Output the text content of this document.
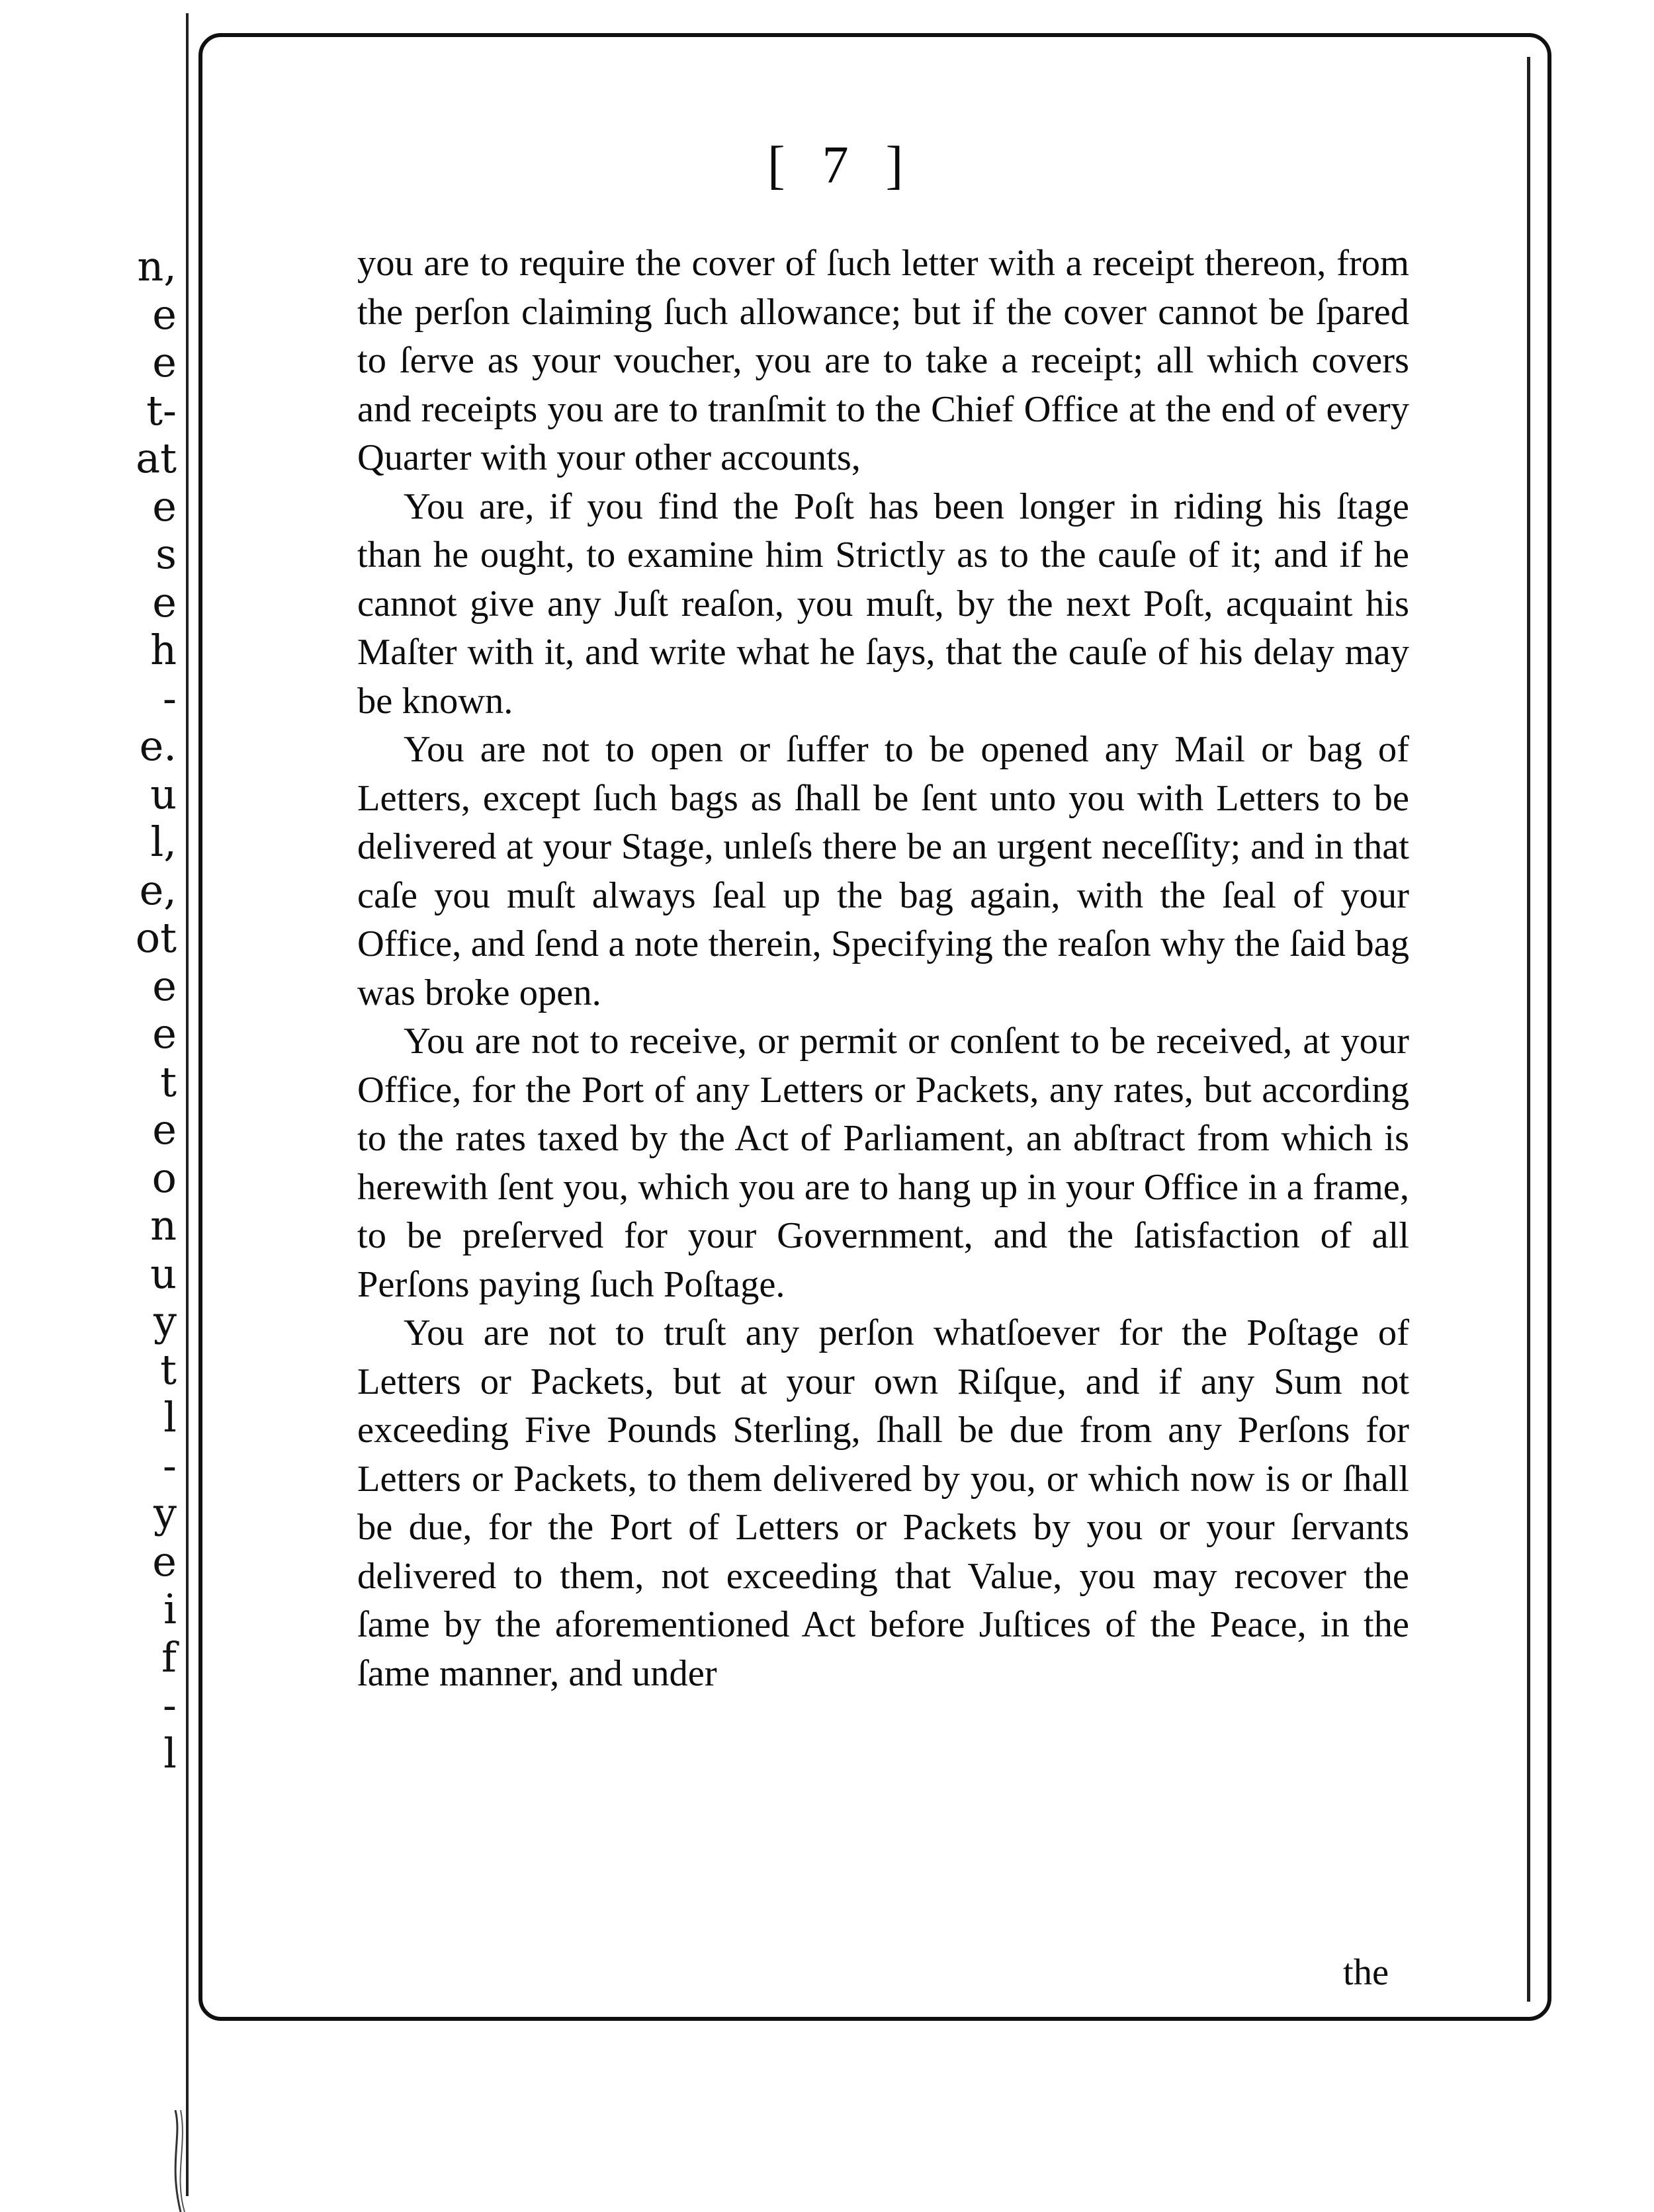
n,
e
e
t-
at
e
s
e
h
-
e.
u
l,
e,
ot
e
e
t
e
o
n
u
y
t
l
-
y
e
i
f
-
l
[ 7 ]

you are to require the cover of ſuch letter with a receipt thereon, from the perſon claiming ſuch allowance; but if the cover cannot be ſpared to ſerve as your voucher, you are to take a receipt; all which covers and receipts you are to tranſmit to the Chief Office at the end of every Quarter with your other accounts,

You are, if you find the Poſt has been longer in riding his ſtage than he ought, to examine him Strictly as to the cauſe of it; and if he cannot give any Juſt reaſon, you muſt, by the next Poſt, acquaint his Maſter with it, and write what he ſays, that the cauſe of his delay may be known.

You are not to open or ſuffer to be opened any Mail or bag of Letters, except ſuch bags as ſhall be ſent unto you with Letters to be delivered at your Stage, unleſs there be an urgent neceſſity; and in that caſe you muſt always ſeal up the bag again, with the ſeal of your Office, and ſend a note therein, Specifying the reaſon why the ſaid bag was broke open.

You are not to receive, or permit or conſent to be received, at your Office, for the Port of any Letters or Packets, any rates, but according to the rates taxed by the Act of Parliament, an abſtract from which is herewith ſent you, which you are to hang up in your Office in a frame, to be preſerved for your Government, and the ſatisfaction of all Perſons paying ſuch Poſtage.

You are not to truſt any perſon whatſoever for the Poſtage of Letters or Packets, but at your own Riſque, and if any Sum not exceeding Five Pounds Sterling, ſhall be due from any Perſons for Letters or Packets, to them delivered by you, or which now is or ſhall be due, for the Port of Letters or Packets by you or your ſervants delivered to them, not exceeding that Value, you may recover the ſame by the aforementioned Act before Juſtices of the Peace, in the ſame manner, and under

the
